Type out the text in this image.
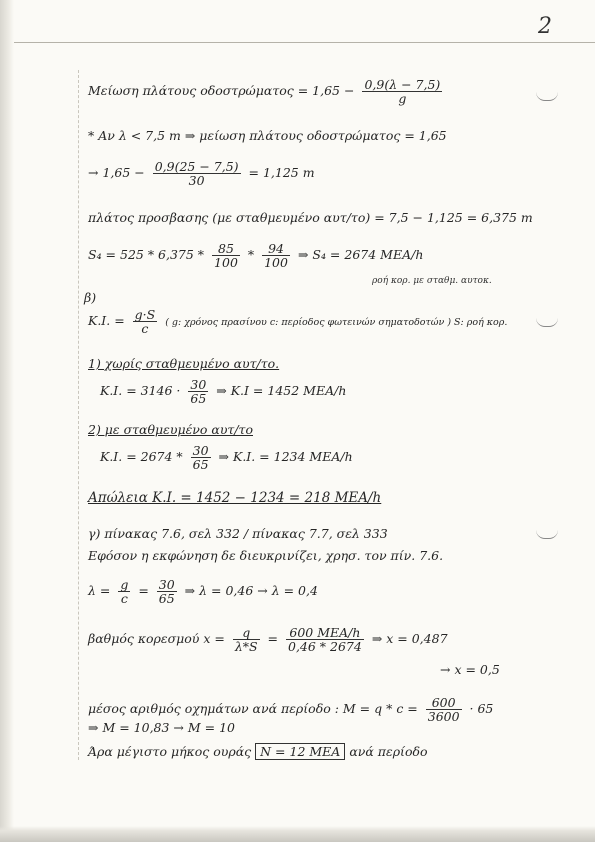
2
Μείωση πλάτους $o\delta o\sigma\tau\rho ώ\mu\alpha\tau o\varsigma = 1,65 - \frac{0,9(\lambda - 7,5)}{g}$
* Αν λ < 7,5 m ⇒ μείωση πλάτους οδοστρώματος = 1,65
→ $1,65 - \frac{0,9(25 - 7,5)}{30} = 1,125$ m
πλάτος προσβασης (με σταθμευμένο αυτ/το) = 7,5 − 1,125 = 6,375 m
$S_4 = 525 * 6,375 * \frac{85}{100} * \frac{94}{100}$ ⇒ S₄ = 2674 ΜΕΑ/h
ροή κορ. με σταθμ. αυτοκ.
β)
K.I. = $\frac{g\cdot S}{c}$ ( g: χρόνος πρασίνου c: περίοδος φωτεινών σηματοδοτών ) S: ροή κορ.
1) χωρίς σταθμευμένο αυτ/το.
K.I. = $3146 \cdot \frac{30}{65}$ ⇒ K.I = 1452 ΜΕΑ/h
2) με σταθμευμένο αυτ/το
K.I. = $2674 * \frac{30}{65}$ ⇒ K.I. = 1234 ΜΕΑ/h
Απώλεια K.I. = 1452 − 1234 = 218 ΜΕΑ/h
γ) πίνακας 7.6, σελ 332 / πίνακας 7.7, σελ 333
Εφόσον η εκφώνηση δε διευκρινίζει, χρησ. τον πίν. 7.6.
$\lambda = \frac{g}{c} = \frac{30}{65}$ ⇒ λ = 0,46 → λ = 0,4
βαθμός κορεσμού $x = \frac{q}{\lambda*S} = \frac{\text{600 ΜΕΑ/h}}{0,46 * 2674}$ ⇒ x = 0,487
→ x = 0,5
μέσος αριθμός οχημάτων ανά περίοδο : $M = q * c = \frac{600}{3600} \cdot 65$
⇒ M = 10,83 → M = 10
Άρα μέγιστο μήκος ουράς N = 12 ΜΕΑ ανά περίοδο
